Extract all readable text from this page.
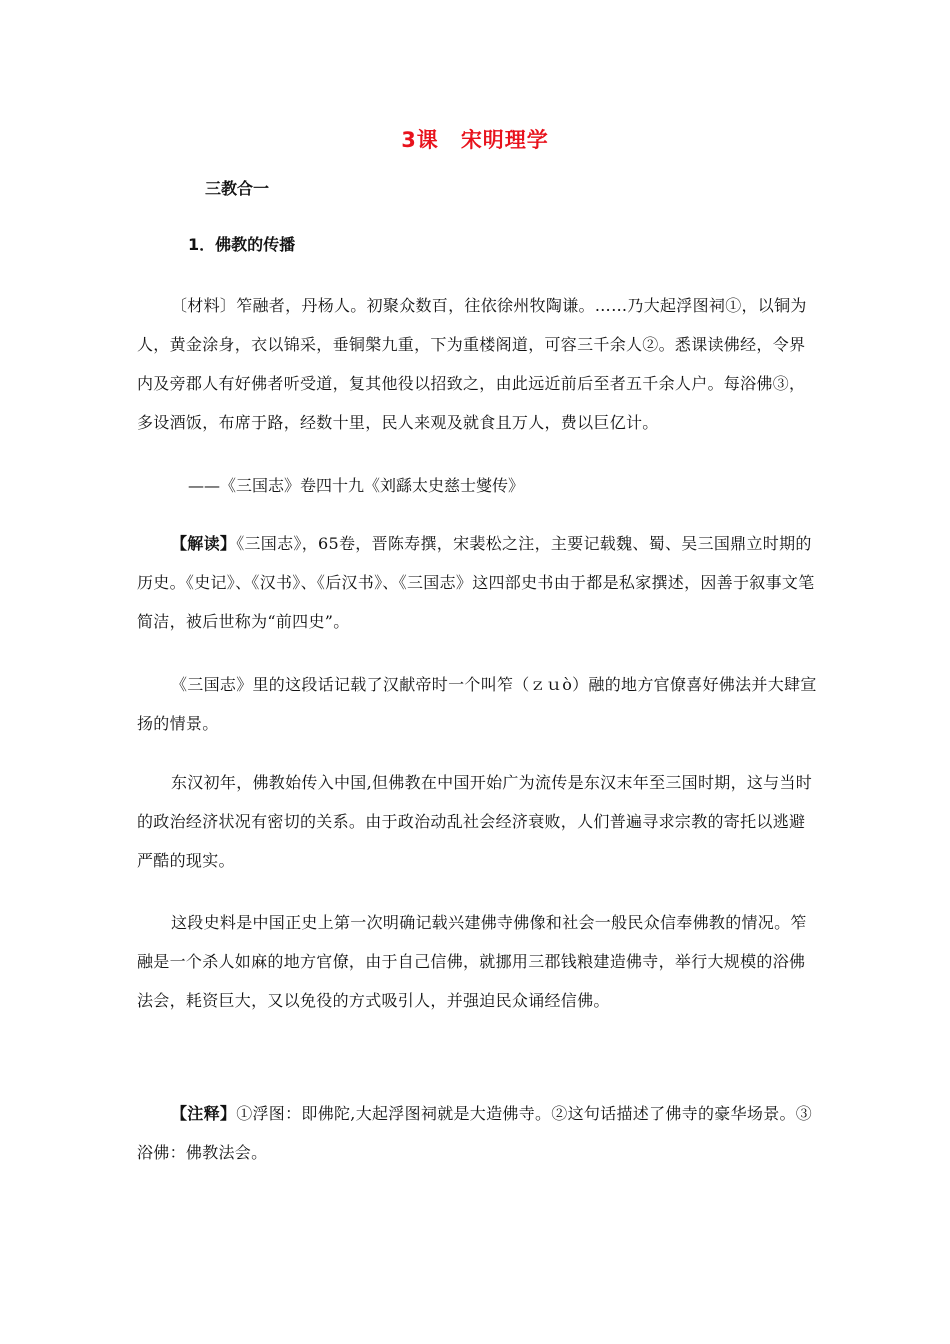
3课 宋明理学
三教合一
1．佛教的传播
〔材料〕笮融者，丹杨人。初聚众数百，往依徐州牧陶谦。……乃大起浮图祠①，以铜为人，黄金涂身，衣以锦采，垂铜槃九重，下为重楼阁道，可容三千余人②。悉课读佛经，令界内及旁郡人有好佛者听受道，复其他役以招致之，由此远近前后至者五千余人户。每浴佛③，多设酒饭，布席于路，经数十里，民人来观及就食且万人，费以巨亿计。
——《三国志》卷四十九《刘繇太史慈士燮传》
【解读】《三国志》，65卷，晋陈寿撰，宋裴松之注，主要记载魏、蜀、吴三国鼎立时期的历史。《史记》、《汉书》、《后汉书》、《三国志》这四部史书由于都是私家撰述，因善于叙事文笔简洁，被后世称为“前四史”。
《三国志》里的这段话记载了汉献帝时一个叫笮（ｚｕò）融的地方官僚喜好佛法并大肆宣扬的情景。
东汉初年，佛教始传入中国,但佛教在中国开始广为流传是东汉末年至三国时期，这与当时的政治经济状况有密切的关系。由于政治动乱社会经济衰败，人们普遍寻求宗教的寄托以逃避严酷的现实。
这段史料是中国正史上第一次明确记载兴建佛寺佛像和社会一般民众信奉佛教的情况。笮融是一个杀人如麻的地方官僚，由于自己信佛，就挪用三郡钱粮建造佛寺，举行大规模的浴佛法会，耗资巨大，又以免役的方式吸引人，并强迫民众诵经信佛。
【注释】①浮图：即佛陀,大起浮图祠就是大造佛寺。②这句话描述了佛寺的豪华场景。③浴佛：佛教法会。
